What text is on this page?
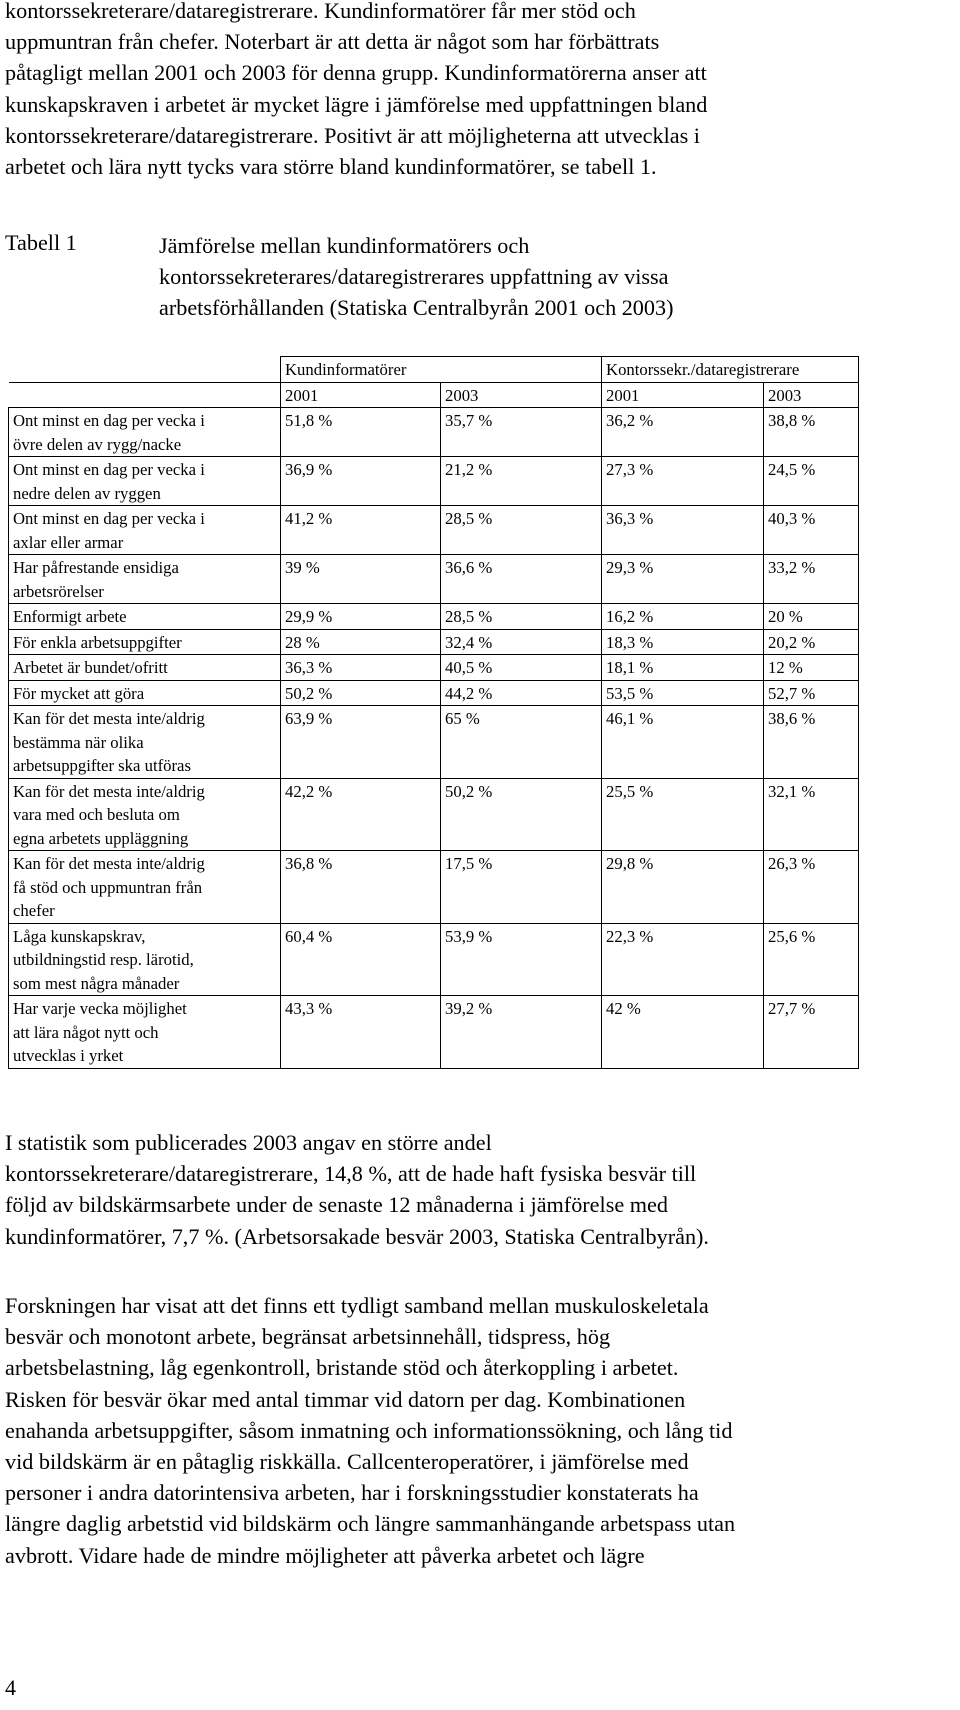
kontorssekreterare/dataregistrerare. Kundinformatörer får mer stöd och
uppmuntran från chefer. Noterbart är att detta är något som har förbättrats
påtagligt mellan 2001 och 2003 för denna grupp. Kundinformatörerna anser att
kunskapskraven i arbetet är mycket lägre i jämförelse med uppfattningen bland
kontorssekreterare/dataregistrerare. Positivt är att möjligheterna att utvecklas i
arbetet och lära nytt tycks vara större bland kundinformatörer, se tabell 1.
Tabell 1	Jämförelse mellan kundinformatörers och
kontorssekreterares/dataregistrerares uppfattning av vissa
arbetsförhållanden (Statiska Centralbyrån 2001 och 2003)
	Kundinformatörer		Kontorssekr./dataregistrerare	
	2001	2003	2001	2003

Ont minst en dag per vecka i
övre delen av rygg/nacke	51,8 %	35,7 %	36,2 %	38,8 %

Ont minst en dag per vecka i
nedre delen av ryggen	36,9 %	21,2 %	27,3 %	24,5 %

Ont minst en dag per vecka i
axlar eller armar	41,2 %	28,5 %	36,3 %	40,3 %

Har påfrestande ensidiga
arbetsrörelser	39 %	36,6 %	29,3 %	33,2 %

Enformigt arbete	29,9 %	28,5 %	16,2 %	20 %

För enkla arbetsuppgifter	28 %	32,4 %	18,3 %	20,2 %

Arbetet är bundet/ofritt	36,3 %	40,5 %	18,1 %	12 %

För mycket att göra	50,2 %	44,2 %	53,5 %	52,7 %

Kan för det mesta inte/aldrig
bestämma när olika
arbetsuppgifter ska utföras	63,9 %	65 %	46,1 %	38,6 %

Kan för det mesta inte/aldrig
vara med och besluta om
egna arbetets uppläggning	42,2 %	50,2 %	25,5 %	32,1 %

Kan för det mesta inte/aldrig
få stöd och uppmuntran från
chefer	36,8 %	17,5 %	29,8 %	26,3 %

Låga kunskapskrav,
utbildningstid resp. lärotid,
som mest några månader	60,4 %	53,9 %	22,3 %	25,6 %

Har varje vecka möjlighet
att lära något nytt och
utvecklas i yrket	43,3 %	39,2 %	42 %	27,7 %
I statistik som publicerades 2003 angav en större andel
kontorssekreterare/dataregistrerare, 14,8 %, att de hade haft fysiska besvär till
följd av bildskärmsarbete under de senaste 12 månaderna i jämförelse med
kundinformatörer, 7,7 %. (Arbetsorsakade besvär 2003, Statiska Centralbyrån).
Forskningen har visat att det finns ett tydligt samband mellan muskuloskeletala
besvär och monotont arbete, begränsat arbetsinnehåll, tidspress, hög
arbetsbelastning, låg egenkontroll, bristande stöd och återkoppling i arbetet.
Risken för besvär ökar med antal timmar vid datorn per dag. Kombinationen
enahanda arbetsuppgifter, såsom inmatning och informationssökning, och lång tid
vid bildskärm är en påtaglig riskkälla. Callcenteroperatörer, i jämförelse med
personer i andra datorintensiva arbeten, har i forskningsstudier konstaterats ha
längre daglig arbetstid vid bildskärm och längre sammanhängande arbetspass utan
avbrott. Vidare hade de mindre möjligheter att påverka arbetet och lägre
4
